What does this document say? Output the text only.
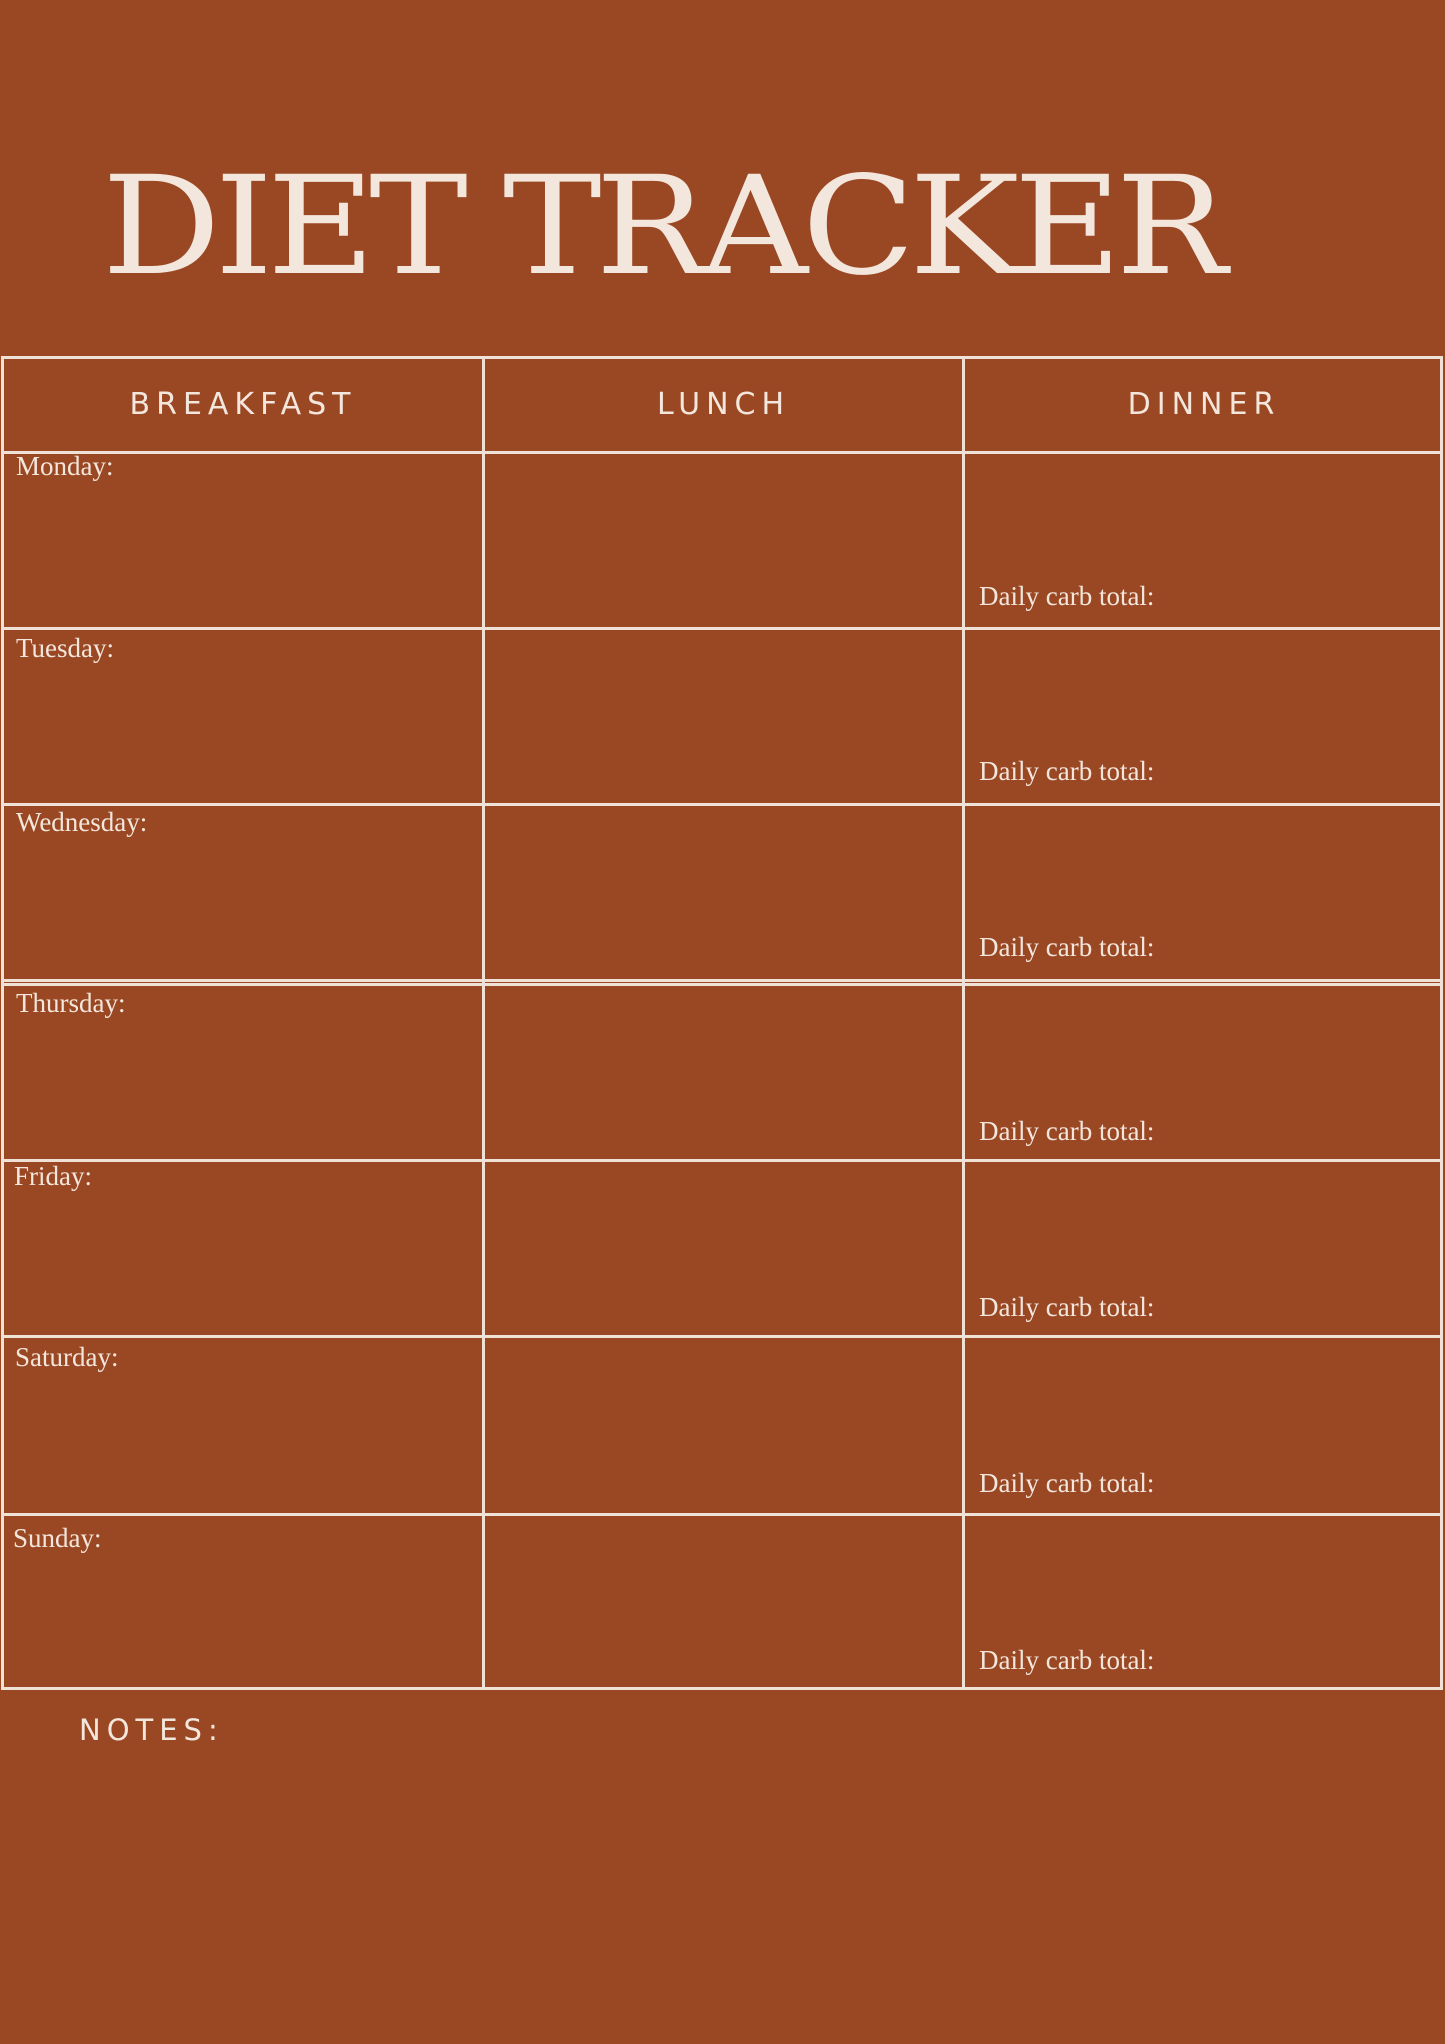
DIET TRACKER
BREAKFAST	LUNCH	DINNER
Monday:
Tuesday:
Wednesday:
Thursday:
Friday:
Saturday:
Sunday:
Daily carb total:
Daily carb total:
Daily carb total:
Daily carb total:
Daily carb total:
Daily carb total:
Daily carb total:
NOTES:
